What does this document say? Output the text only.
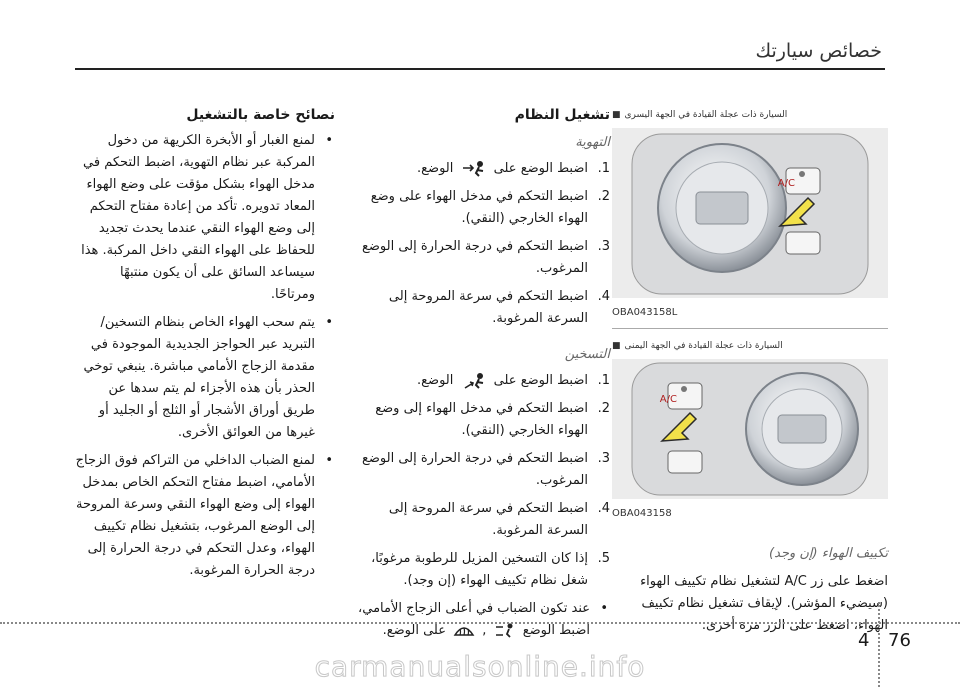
خصائص سيارتك
السيارة ذات عجلة القيادة في الجهة اليسرى
■
A/C
OBA043158L
السيارة ذات عجلة القيادة في الجهة اليمنى
■
A/C
OBA043158
تكييف الهواء (إن وجد)
اضغط على زر A/C لتشغيل نظام تكييف الهواء (سيضيء المؤشر). لإيقاف تشغيل نظام تكييف الهواء، اضغط على الزر مرة أخرى.
تشغيل النظام
التهوية
1.
اضبط الوضع على  الوضع.
2.
اضبط التحكم في مدخل الهواء على وضع الهواء الخارجي (النقي).
3.
اضبط التحكم في درجة الحرارة إلى الوضع المرغوب.
4.
اضبط التحكم في سرعة المروحة إلى السرعة المرغوبة.
التسخين
1.
اضبط الوضع على  الوضع.
2.
اضبط التحكم في مدخل الهواء إلى وضع الهواء الخارجي (النقي).
3.
اضبط التحكم في درجة الحرارة إلى الوضع المرغوب.
4.
اضبط التحكم في سرعة المروحة إلى السرعة المرغوبة.
5.
إذا كان التسخين المزيل للرطوبة مرغوبًا، شغل نظام تكييف الهواء (إن وجد).
• عند تكون الضباب في أعلى الزجاج الأمامي، اضبط الوضع  ,  على الوضع.
نصائح خاصة بالتشغيل
• لمنع الغبار أو الأبخرة الكريهة من دخول المركبة عبر نظام التهوية، اضبط التحكم في مدخل الهواء بشكل مؤقت على وضع الهواء المعاد تدويره. تأكد من إعادة مفتاح التحكم إلى وضع الهواء النقي عندما يحدث تجديد للحفاظ على الهواء النقي داخل المركبة. هذا سيساعد السائق على أن يكون منتبهًا ومرتاحًا.
• يتم سحب الهواء الخاص بنظام التسخين/ التبريد عبر الحواجز الجديدية الموجودة في مقدمة الزجاج الأمامي مباشرة. ينبغي توخي الحذر بأن هذه الأجزاء لم يتم سدها عن طريق أوراق الأشجار أو الثلج أو الجليد أو غيرها من العوائق الأخرى.
• لمنع الضباب الداخلي من التراكم فوق الزجاج الأمامي، اضبط مفتاح التحكم الخاص بمدخل الهواء إلى وضع الهواء النقي وسرعة المروحة إلى الوضع المرغوب، بتشغيل نظام تكييف الهواء، وعدل التحكم في درجة الحرارة إلى درجة الحرارة المرغوبة.
4 76
carmanualsonline.info
